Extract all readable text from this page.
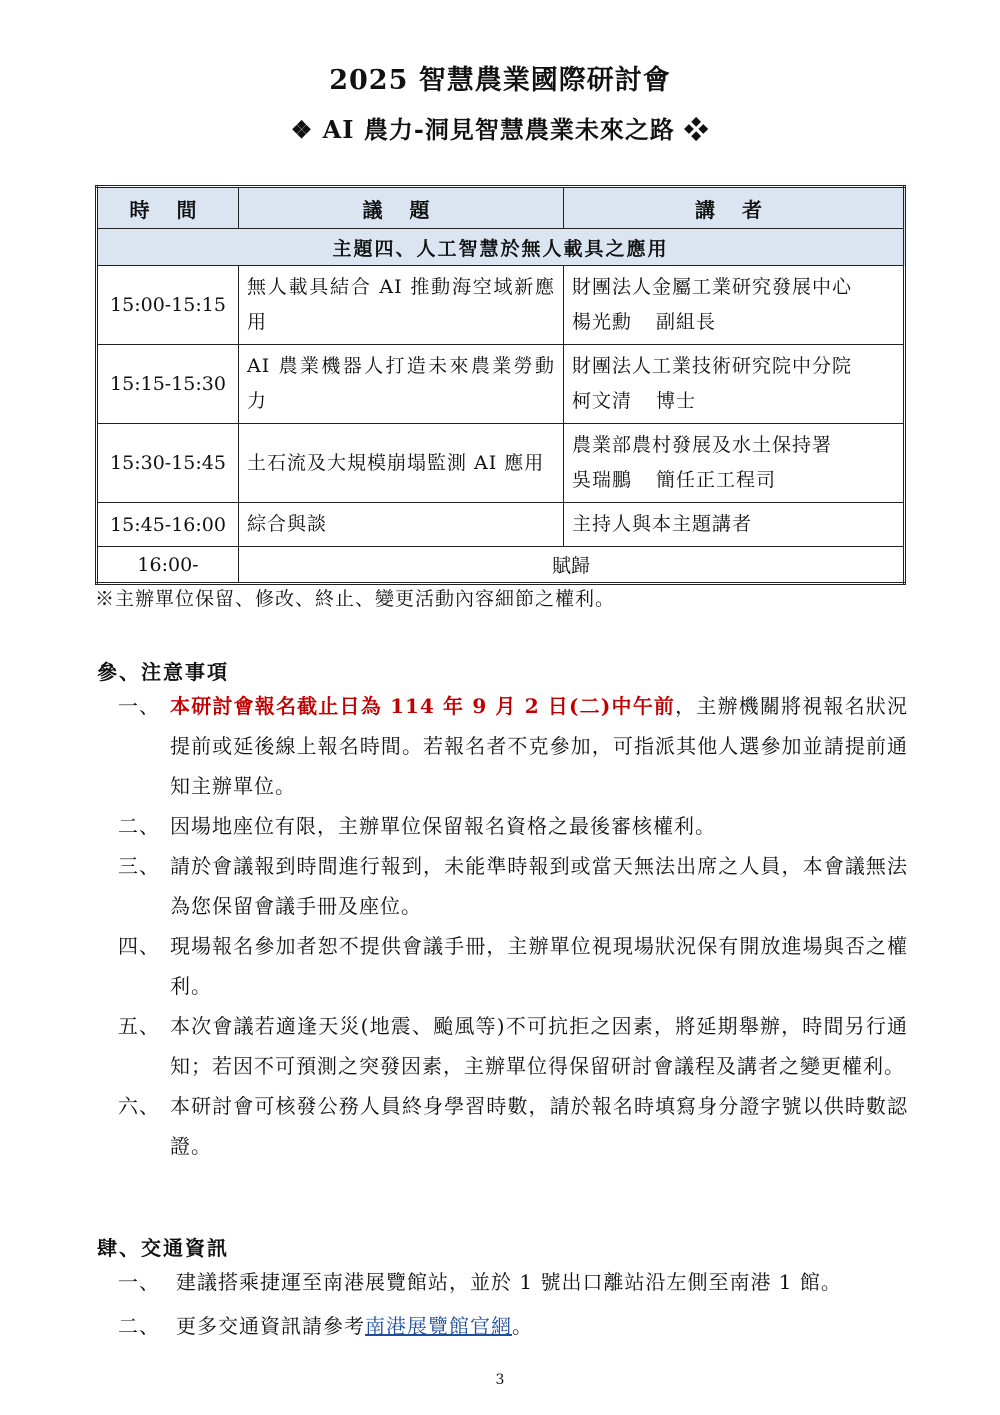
2025 智慧農業國際研討會
❖ AI 農力-洞見智慧農業未來之路 ❖
時 間	議 題	講 者
主題四、人工智慧於無人載具之應用		
15:00-15:15	無人載具結合 AI 推動海空域新應用	財團法人金屬工業研究發展中心
楊光勳 副組長

15:15-15:30	AI 農業機器人打造未來農業勞動力	財團法人工業技術研究院中分院
柯文清 博士

15:30-15:45	土石流及大規模崩塌監測 AI 應用	農業部農村發展及水土保持署
吳瑞鵬 簡任正工程司

15:45-16:00	綜合與談	主持人與本主題講者
16:00-	賦歸	
※主辦單位保留、修改、終止、變更活動內容細節之權利。
參、注意事項
一、 本研討會報名截止日為 114 年 9 月 2 日(二)中午前，主辦機關將視報名狀況提前或延後線上報名時間。若報名者不克參加，可指派其他人選參加並請提前通知主辦單位。
二、 因場地座位有限，主辦單位保留報名資格之最後審核權利。
三、 請於會議報到時間進行報到，未能準時報到或當天無法出席之人員，本會議無法為您保留會議手冊及座位。
四、 現場報名參加者恕不提供會議手冊，主辦單位視現場狀況保有開放進場與否之權利。
五、 本次會議若適逢天災(地震、颱風等)不可抗拒之因素，將延期舉辦，時間另行通知；若因不可預測之突發因素，主辦單位得保留研討會議程及講者之變更權利。
六、 本研討會可核發公務人員終身學習時數，請於報名時填寫身分證字號以供時數認證。
肆、交通資訊
一、 建議搭乘捷運至南港展覽館站，並於 1 號出口離站沿左側至南港 1 館。
二、 更多交通資訊請參考南港展覽館官網。
3
